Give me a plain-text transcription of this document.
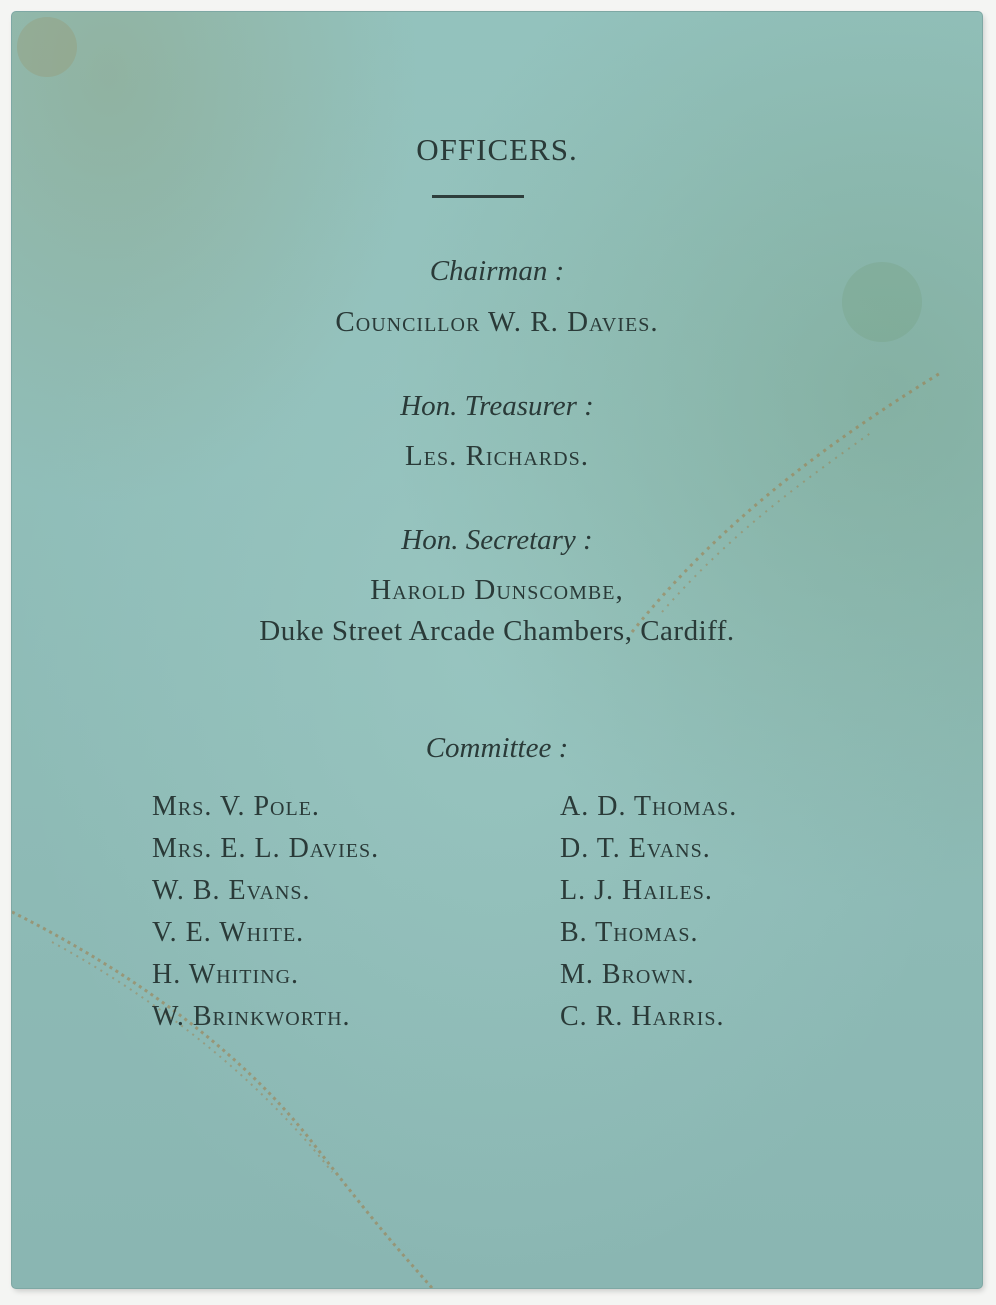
OFFICERS.
Chairman :
Councillor W. R. Davies.
Hon. Treasurer :
Les. Richards.
Hon. Secretary :
Harold Dunscombe,
Duke Street Arcade Chambers, Cardiff.
Committee :
Mrs. V. Pole.
Mrs. E. L. Davies.
W. B. Evans.
V. E. White.
H. Whiting.
W. Brinkworth.
A. D. Thomas.
D. T. Evans.
L. J. Hailes.
B. Thomas.
M. Brown.
C. R. Harris.
